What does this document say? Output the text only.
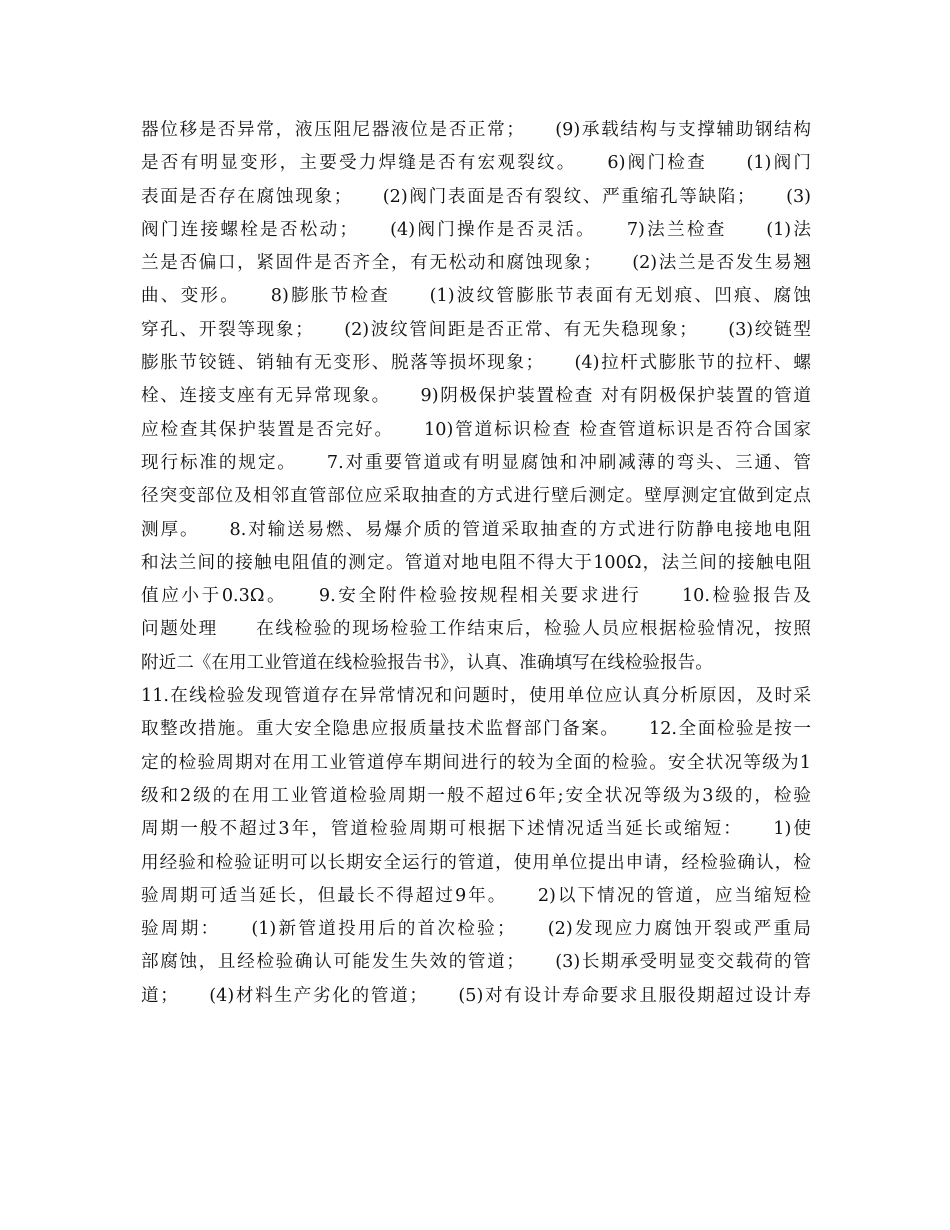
器位移是否异常，液压阻尼器液位是否正常；　　(9)承载结构与支撑辅助钢结构
是否有明显变形，主要受力焊缝是否有宏观裂纹。　　6)阀门检查　　(1)阀门
表面是否存在腐蚀现象；　　(2)阀门表面是否有裂纹、严重缩孔等缺陷；　　(3)
阀门连接螺栓是否松动；　　(4)阀门操作是否灵活。　　7)法兰检查　　(1)法
兰是否偏口，紧固件是否齐全，有无松动和腐蚀现象；　　(2)法兰是否发生易翘
曲、变形。　　8)膨胀节检查　　(1)波纹管膨胀节表面有无划痕、凹痕、腐蚀
穿孔、开裂等现象；　　(2)波纹管间距是否正常、有无失稳现象；　　(3)绞链型
膨胀节铰链、销轴有无变形、脱落等损坏现象；　　(4)拉杆式膨胀节的拉杆、螺
栓、连接支座有无异常现象。　　9)阴极保护装置检查 对有阴极保护装置的管道
应检查其保护装置是否完好。　　10)管道标识检查 检查管道标识是否符合国家
现行标准的规定。　　7.对重要管道或有明显腐蚀和冲刷减薄的弯头、三通、管
径突变部位及相邻直管部位应采取抽查的方式进行壁后测定。壁厚测定宜做到定点
测厚。　　8.对输送易燃、易爆介质的管道采取抽查的方式进行防静电接地电阻
和法兰间的接触电阻值的测定。管道对地电阻不得大于100Ω，法兰间的接触电阻
值应小于0.3Ω。　　9.安全附件检验按规程相关要求进行　　10.检验报告及
问题处理　　在线检验的现场检验工作结束后，检验人员应根据检验情况，按照
附近二《在用工业管道在线检验报告书》，认真、准确填写在线检验报告。
11.在线检验发现管道存在异常情况和问题时，使用单位应认真分析原因，及时采
取整改措施。重大安全隐患应报质量技术监督部门备案。　　12.全面检验是按一
定的检验周期对在用工业管道停车期间进行的较为全面的检验。安全状况等级为1
级和2级的在用工业管道检验周期一般不超过6年;安全状况等级为3级的，检验
周期一般不超过3年，管道检验周期可根据下述情况适当延长或缩短：　　1)使
用经验和检验证明可以长期安全运行的管道，使用单位提出申请，经检验确认，检
验周期可适当延长，但最长不得超过9年。　　2)以下情况的管道，应当缩短检
验周期：　　(1)新管道投用后的首次检验；　　(2)发现应力腐蚀开裂或严重局
部腐蚀，且经检验确认可能发生失效的管道；　　(3)长期承受明显变交载荷的管
道；　　(4)材料生产劣化的管道；　　(5)对有设计寿命要求且服役期超过设计寿
